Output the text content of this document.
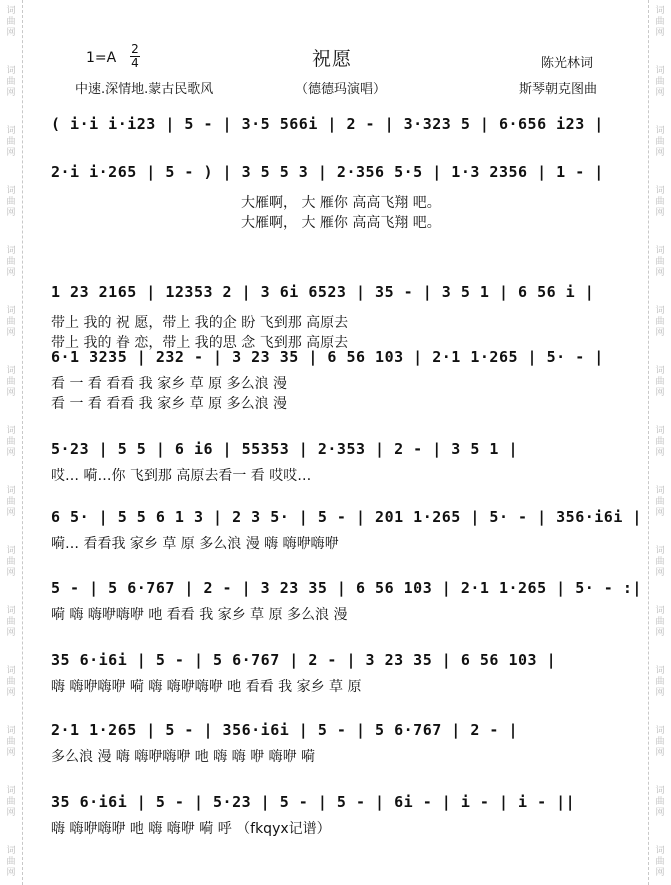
词
曲
网
词
曲
网
词
曲
网
词
曲
网
词
曲
网
词
曲
网
词
曲
网
词
曲
网
词
曲
网
词
曲
网
词
曲
网
词
曲
网
词
曲
网
词
曲
网
词
曲
网
词
曲
网
词
曲
网
词
曲
网
词
曲
网
词
曲
网
词
曲
网
词
曲
网
词
曲
网
词
曲
网
词
曲
网
词
曲
网
词
曲
网
词
曲
网
词
曲
网
词
曲
网
1=A
2
4	祝愿	陈光林词
中速.深情地.蒙古民歌风	（德德玛演唱）	斯琴朝克图曲
( i·i i·i23 | 5 - | 3·5 566i | 2 - | 3·323 5 | 6·656 i23 |
2·i i·265 | 5 - ) | 3 5 5 3 | 2·356 5·5 | 1·3 2356 | 1 - |
大雁啊， 大 雁你 高高飞翔 吧。
大雁啊， 大 雁你 高高飞翔 吧。
1 23 2165 | 12353 2 | 3 6i 6523 | 35 - | 3 5 1 | 6 56 i |
带上 我的 祝 愿，带上 我的企 盼 飞到那 高原去
带上 我的 眷 恋，带上 我的思 念 飞到那 高原去
6·1 3235 | 232 - | 3 23 35 | 6 56 103 | 2·1 1·265 | 5· - |
看 一 看 看看 我 家乡 草 原 多么浪 漫
看 一 看 看看 我 家乡 草 原 多么浪 漫
5·23 | 5 5 | 6 i6 | 55353 | 2·353 | 2 - | 3 5 1 |
哎… 嗬…你 飞到那 高原去看一 看 哎哎…
6 5· | 5 5 6 1 3 | 2 3 5· | 5 - | 201 1·265 | 5· - | 356·i6i |
嗬… 看看我 家乡 草 原 多么浪 漫 嗨 嗨咿嗨咿
5 - | 5 6·767 | 2 - | 3 23 35 | 6 56 103 | 2·1 1·265 | 5· - :|
嗬 嗨 嗨咿嗨咿 吔 看看 我 家乡 草 原 多么浪 漫
35 6·i6i | 5 - | 5 6·767 | 2 - | 3 23 35 | 6 56 103 |
嗨 嗨咿嗨咿 嗬 嗨 嗨咿嗨咿 吔 看看 我 家乡 草 原
2·1 1·265 | 5 - | 356·i6i | 5 - | 5 6·767 | 2 - |
多么浪 漫 嗨 嗨咿嗨咿 吔 嗨 嗨 咿 嗨咿 嗬
35 6·i6i | 5 - | 5·23 | 5 - | 5 - | 6i - | i - | i - ||
嗨 嗨咿嗨咿 吔 嗨 嗨咿 嗬 呼 （fkqyx记谱）
